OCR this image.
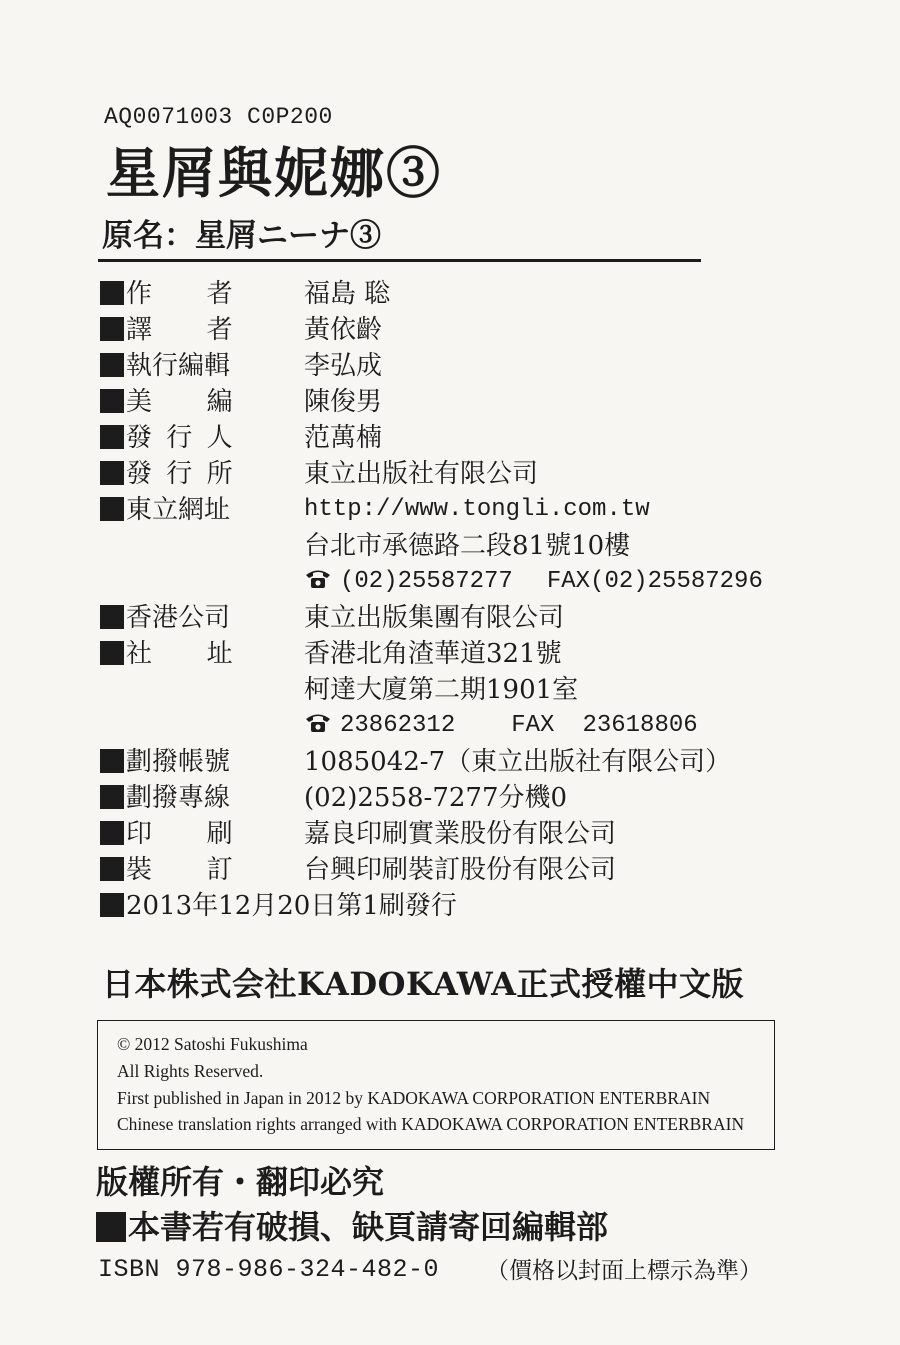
AQ0071003 C0P200
星屑與妮娜③
原名：星屑ニーナ③
作者 福島 聡
譯者 黃依齡
執行編輯	李弘成
美編 陳俊男
發行人 范萬楠
發行所 東立出版社有限公司
東立網址	http://www.tongli.com.tw
台北市承德路二段81號10樓
(02)25587277 FAX(02)25587296
香港公司	東立出版集團有限公司
社址 香港北角渣華道321號
柯達大廈第二期1901室
23862312 FAX 23618806
劃撥帳號	1085042-7（東立出版社有限公司）
劃撥專線	(02)2558-7277分機0
印刷 嘉良印刷實業股份有限公司
裝訂 台興印刷裝訂股份有限公司
2013年12月20日第1刷發行
日本株式会社KADOKAWA正式授權中文版
© 2012 Satoshi Fukushima
All Rights Reserved.
First published in Japan in 2012 by KADOKAWA CORPORATION ENTERBRAIN
Chinese translation rights arranged with KADOKAWA CORPORATION ENTERBRAIN
版權所有・翻印必究
本書若有破損、缺頁請寄回編輯部
ISBN 978-986-324-482-0 （價格以封面上標示為準）
